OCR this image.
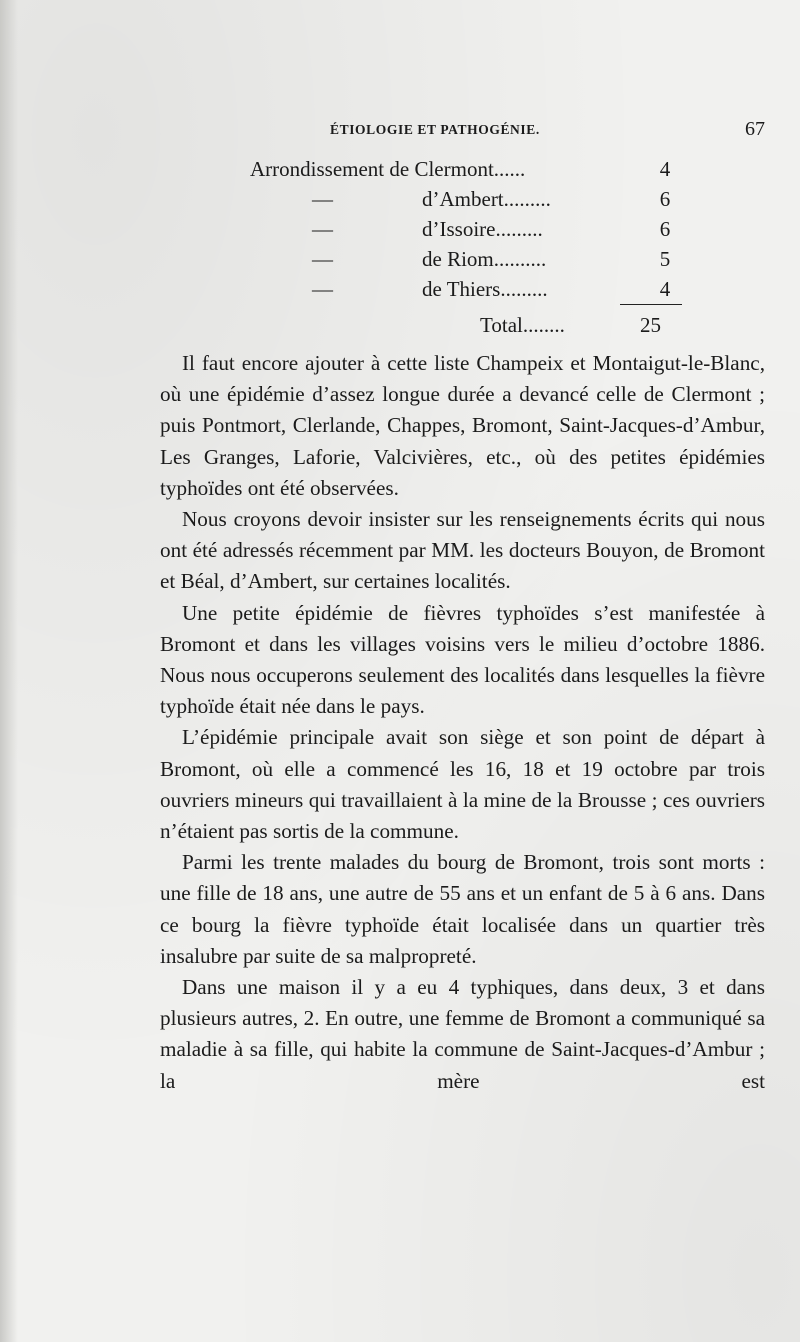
ÉTIOLOGIE ET PATHOGÉNIE.	67
Arrondissement de Clermont......	4
—	d’Ambert.........	6
—	d’Issoire.........	6
—	de Riom..........	5
—	de Thiers.........	4
Total........	25

Il faut encore ajouter à cette liste Champeix et Montaigut-le-Blanc, où une épidémie d’assez longue durée a devancé celle de Clermont ; puis Pontmort, Clerlande, Chappes, Bromont, Saint-Jacques-d’Ambur, Les Granges, Laforie, Valcivières, etc., où des petites épidémies typhoïdes ont été observées.

Nous croyons devoir insister sur les renseignements écrits qui nous ont été adressés récemment par MM. les docteurs Bouyon, de Bromont et Béal, d’Ambert, sur certaines localités.

Une petite épidémie de fièvres typhoïdes s’est manifestée à Bromont et dans les villages voisins vers le milieu d’octobre 1886. Nous nous occuperons seulement des localités dans lesquelles la fièvre typhoïde était née dans le pays.

L’épidémie principale avait son siège et son point de départ à Bromont, où elle a commencé les 16, 18 et 19 octobre par trois ouvriers mineurs qui travaillaient à la mine de la Brousse ; ces ouvriers n’étaient pas sortis de la commune.

Parmi les trente malades du bourg de Bromont, trois sont morts : une fille de 18 ans, une autre de 55 ans et un enfant de 5 à 6 ans. Dans ce bourg la fièvre typhoïde était localisée dans un quartier très insalubre par suite de sa malpropreté.

Dans une maison il y a eu 4 typhiques, dans deux, 3 et dans plusieurs autres, 2. En outre, une femme de Bromont a communiqué sa maladie à sa fille, qui habite la commune de Saint-Jacques-d’Ambur ; la mère est
